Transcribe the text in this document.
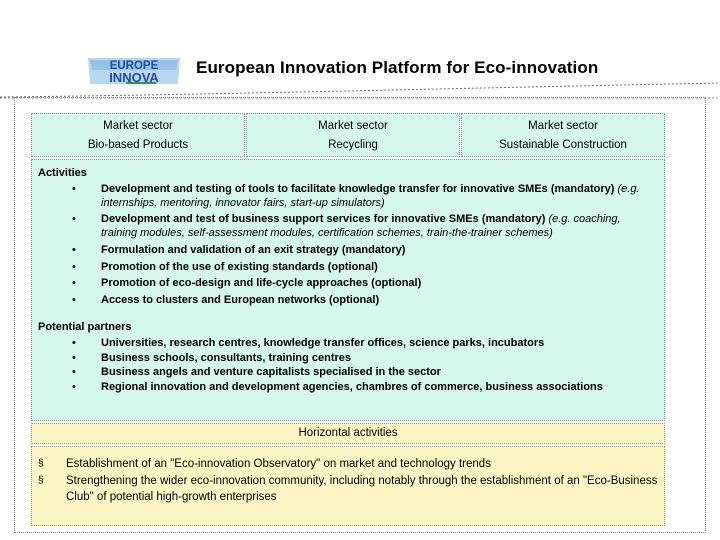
EUROPE
INNOVA
European Innovation Platform for Eco-innovation
Market sector
Bio-based Products
Market sector
Recycling
Market sector
Sustainable Construction
Activities
• Development and testing of tools to facilitate knowledge transfer for innovative SMEs (mandatory) (e.g. internships, mentoring, innovator fairs, start-up simulators)
• Development and test of business support services for innovative SMEs (mandatory) (e.g. coaching, training modules, self-assessment modules, certification schemes, train-the-trainer schemes)
• Formulation and validation of an exit strategy (mandatory)
• Promotion of the use of existing standards (optional)
• Promotion of eco-design and life-cycle approaches (optional)
• Access to clusters and European networks (optional)
Potential partners
• Universities, research centres, knowledge transfer offices, science parks, incubators
• Business schools, consultants, training centres
• Business angels and venture capitalists specialised in the sector
• Regional innovation and development agencies, chambres of commerce, business associations
Horizontal activities
§ Establishment of an "Eco-innovation Observatory" on market and technology trends
§ Strengthening the wider eco-innovation community, including notably through the establishment of an "Eco-Business Club" of potential high-growth enterprises
